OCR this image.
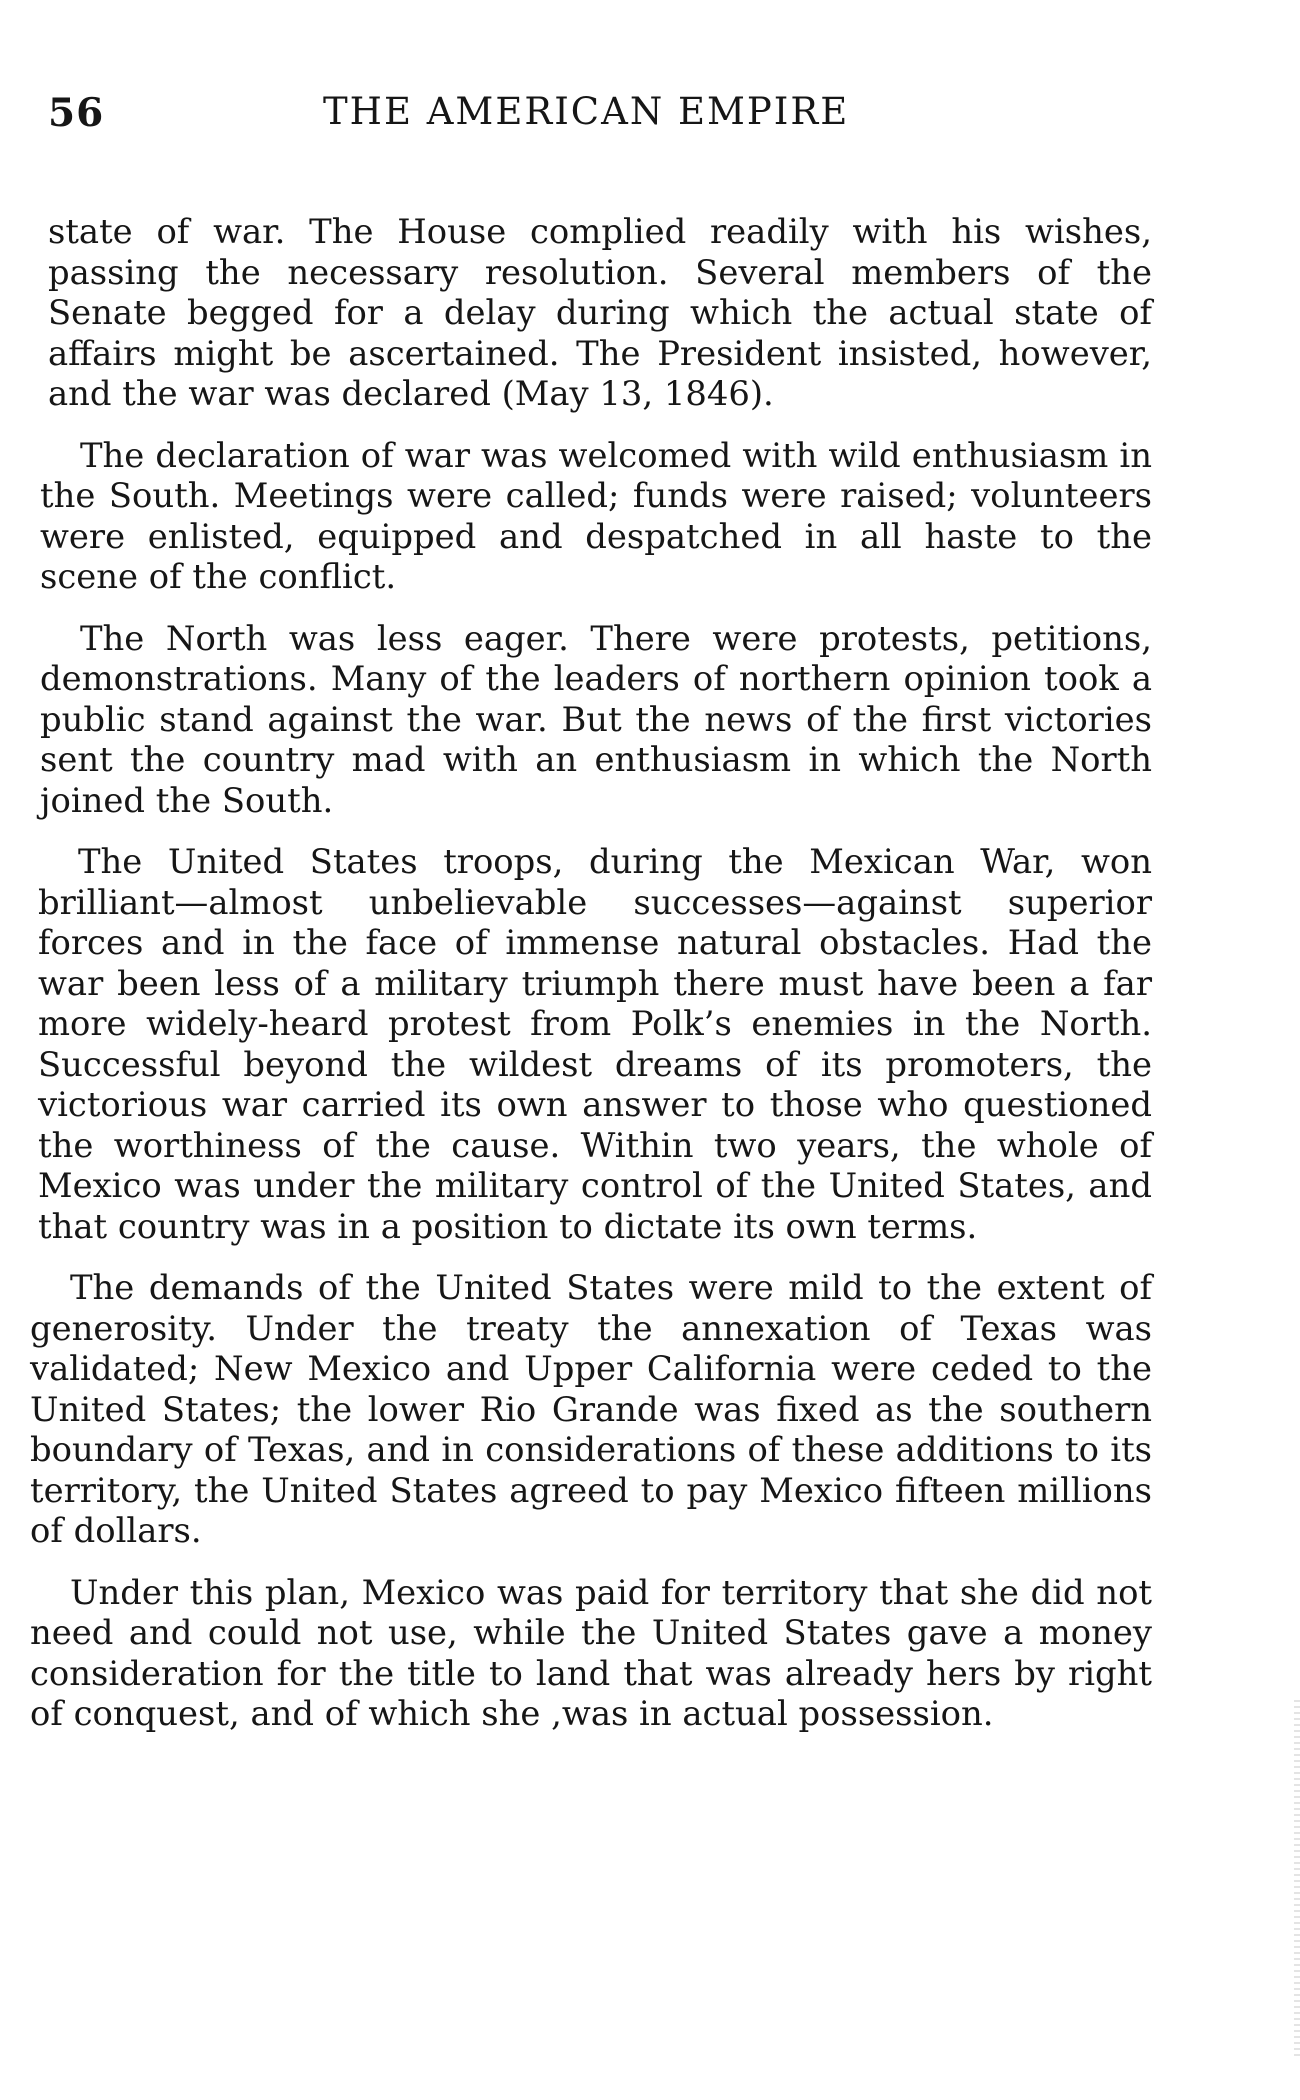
56	THE AMERICAN EMPIRE

state of war. The House complied readily with his wishes, passing the necessary resolution. Several members of the Senate begged for a delay during which the actual state of affairs might be ascertained. The President insisted, however, and the war was declared (May 13, 1846).

The declaration of war was welcomed with wild enthusiasm in the South. Meetings were called; funds were raised; volunteers were enlisted, equipped and despatched in all haste to the scene of the conflict.

The North was less eager. There were protests, petitions, demonstrations. Many of the leaders of northern opinion took a public stand against the war. But the news of the first victories sent the country mad with an enthusiasm in which the North joined the South.

The United States troops, during the Mexican War, won brilliant—almost unbelievable successes—against superior forces and in the face of immense natural obstacles. Had the war been less of a military triumph there must have been a far more widely-heard protest from Polk’s enemies in the North. Successful beyond the wildest dreams of its promoters, the victorious war carried its own answer to those who questioned the worthiness of the cause. Within two years, the whole of Mexico was under the military control of the United States, and that country was in a position to dictate its own terms.

The demands of the United States were mild to the extent of generosity. Under the treaty the annexation of Texas was validated; New Mexico and Upper California were ceded to the United States; the lower Rio Grande was fixed as the southern boundary of Texas, and in considerations of these additions to its territory, the United States agreed to pay Mexico fifteen millions of dollars.

Under this plan, Mexico was paid for territory that she did not need and could not use, while the United States gave a money consideration for the title to land that was already hers by right of conquest, and of which she ,was in actual possession.
